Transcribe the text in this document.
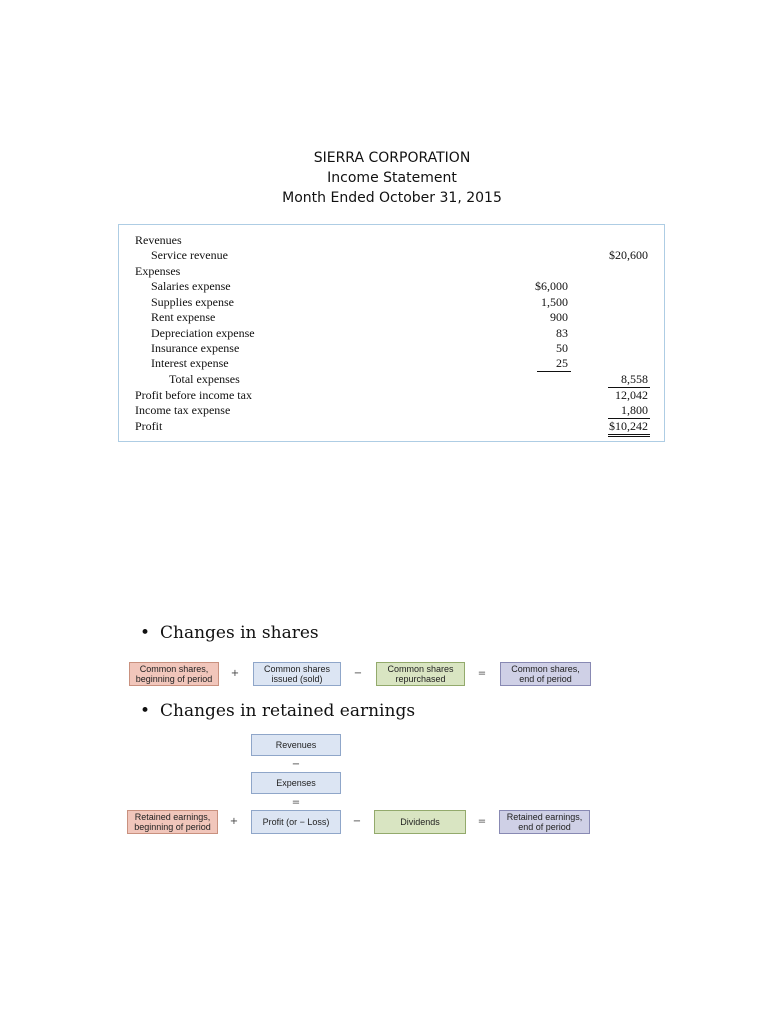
SIERRA CORPORATION
Income Statement
Month Ended October 31, 2015
Revenues
Service revenue	$20,600
Expenses
Salaries expense	$6,000
Supplies expense	1,500
Rent expense	900
Depreciation expense	83
Insurance expense	50
Interest expense	25
Total expenses	8,558
Profit before income tax	12,042
Income tax expense	1,800
Profit	$10,242
• Changes in shares
Common shares, beginning of period	+	Common shares issued (sold)	−	Common shares repurchased	=	Common shares, end of period
• Changes in retained earnings
Revenues
−
Expenses
=
Retained earnings, beginning of period	+	Profit (or − Loss)	−	Dividends	=	Retained earnings, end of period
